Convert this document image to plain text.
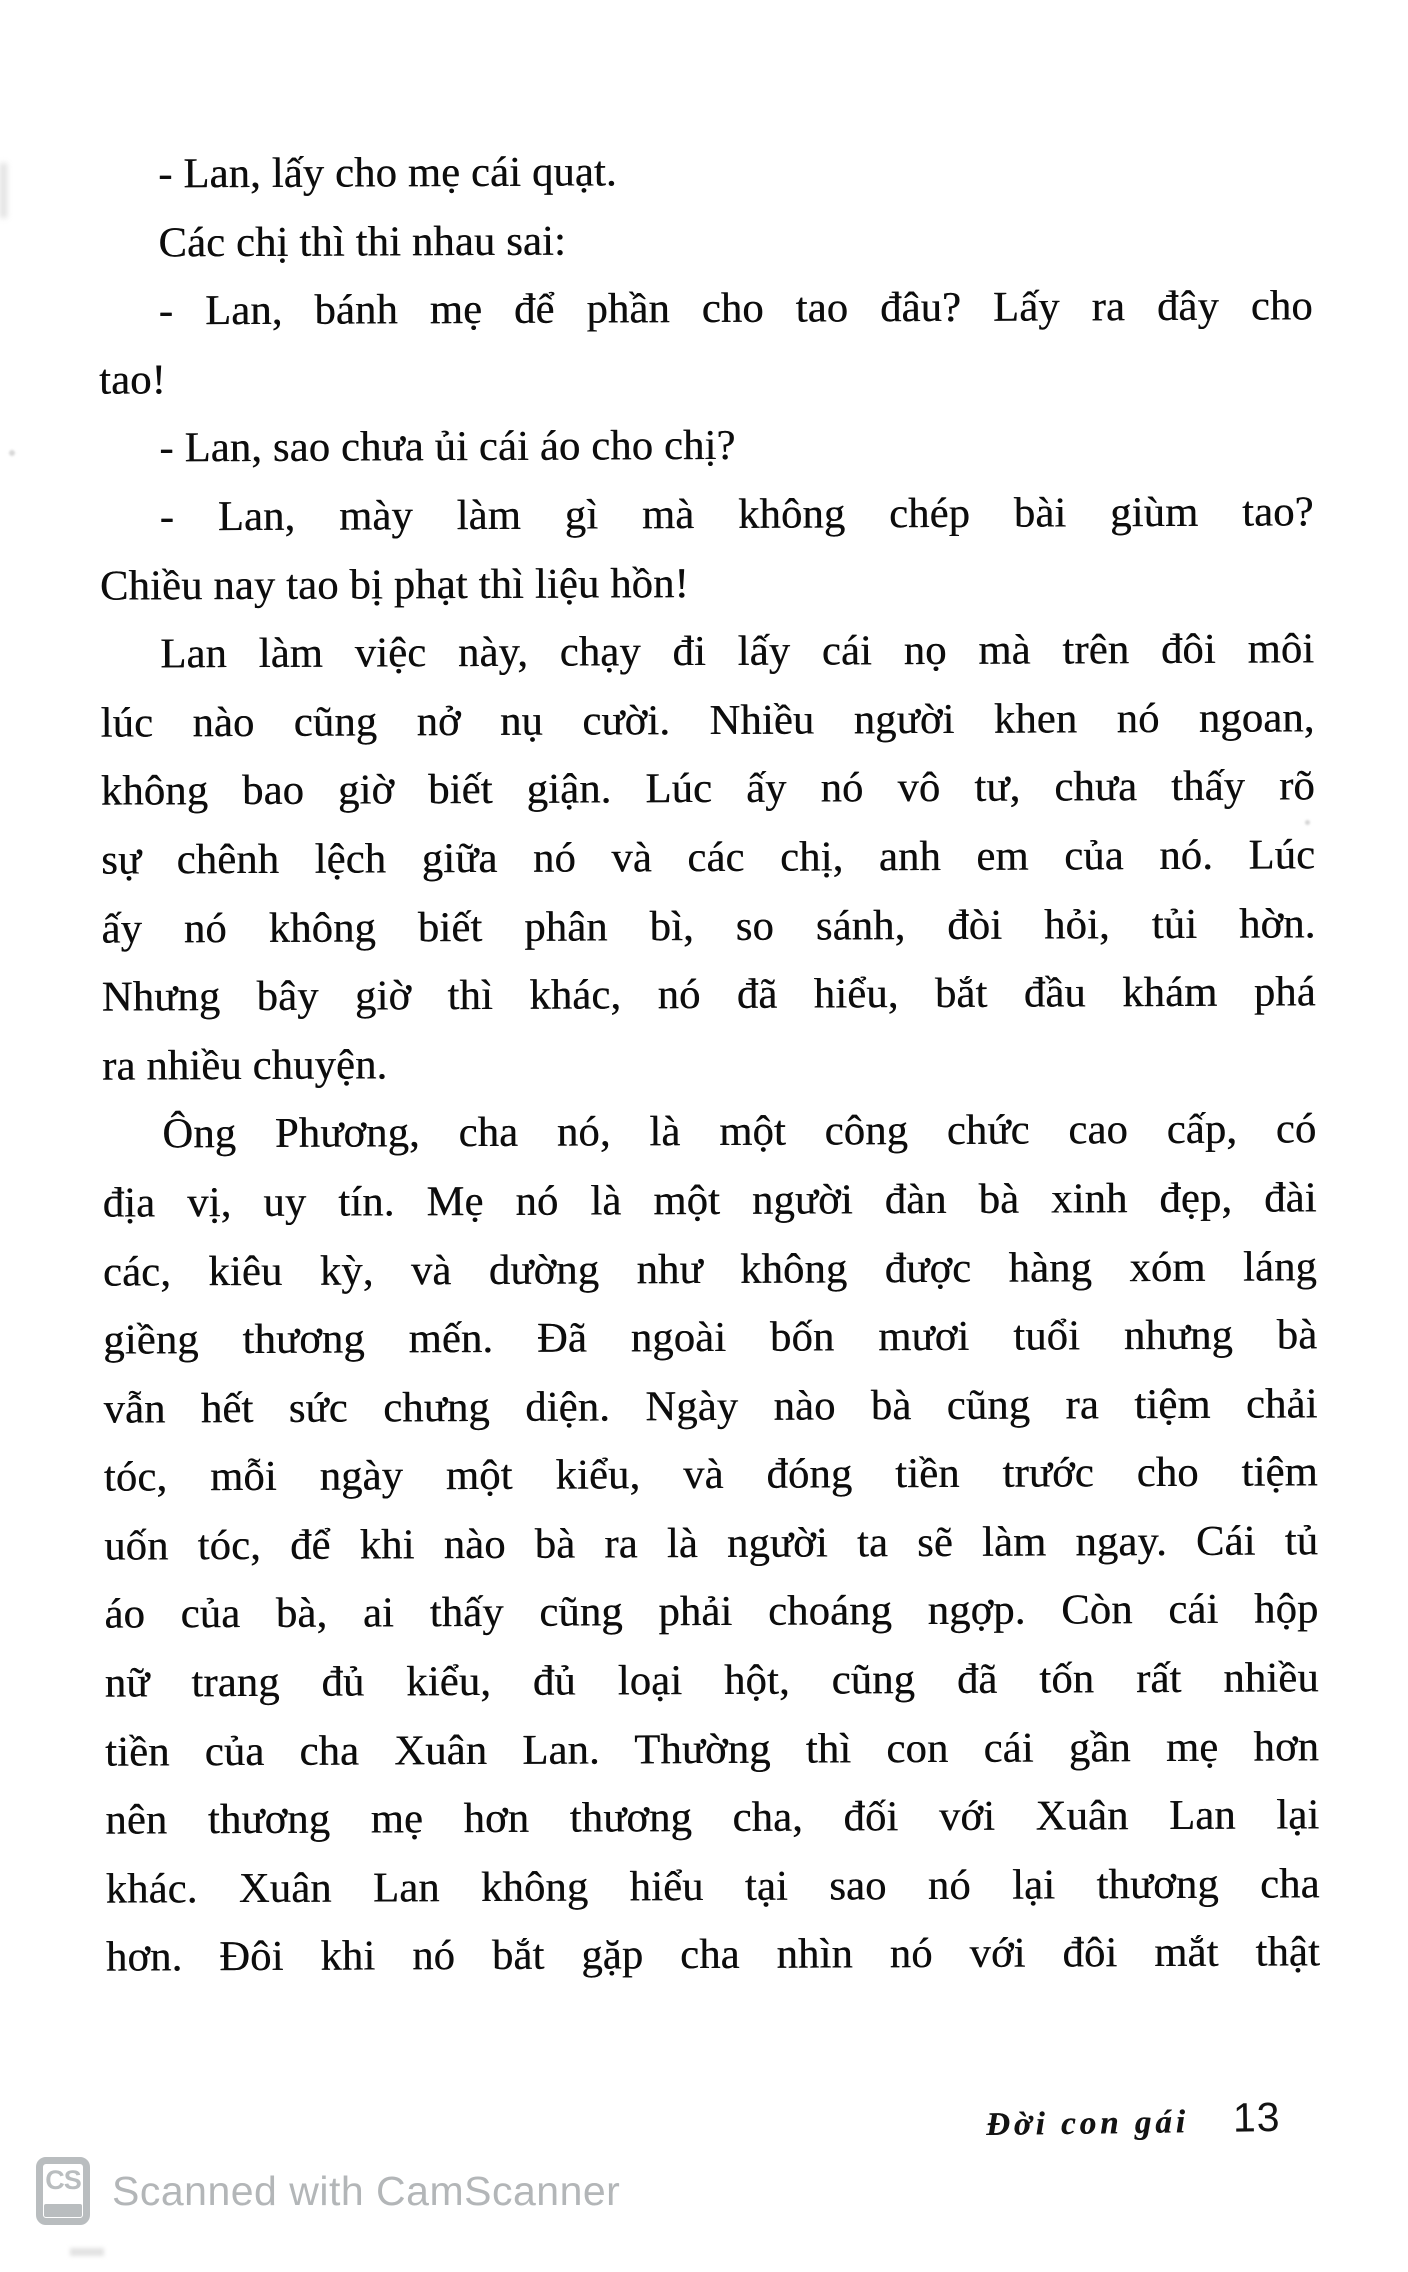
- Lan, lấy cho mẹ cái quạt.
Các chị thì thi nhau sai:
- Lan, bánh mẹ để phần cho tao đâu? Lấy ra đây cho
tao!
- Lan, sao chưa ủi cái áo cho chị?
- Lan, mày làm gì mà không chép bài giùm tao?
Chiều nay tao bị phạt thì liệu hồn!
Lan làm việc này, chạy đi lấy cái nọ mà trên đôi môi
lúc nào cũng nở nụ cười. Nhiều người khen nó ngoan,
không bao giờ biết giận. Lúc ấy nó vô tư, chưa thấy rõ
sự chênh lệch giữa nó và các chị, anh em của nó. Lúc
ấy nó không biết phân bì, so sánh, đòi hỏi, tủi hờn.
Nhưng bây giờ thì khác, nó đã hiểu, bắt đầu khám phá
ra nhiều chuyện.
Ông Phương, cha nó, là một công chức cao cấp, có
địa vị, uy tín. Mẹ nó là một người đàn bà xinh đẹp, đài
các, kiêu kỳ, và dường như không được hàng xóm láng
giềng thương mến. Đã ngoài bốn mươi tuổi nhưng bà
vẫn hết sức chưng diện. Ngày nào bà cũng ra tiệm chải
tóc, mỗi ngày một kiểu, và đóng tiền trước cho tiệm
uốn tóc, để khi nào bà ra là người ta sẽ làm ngay. Cái tủ
áo của bà, ai thấy cũng phải choáng ngợp. Còn cái hộp
nữ trang đủ kiểu, đủ loại hột, cũng đã tốn rất nhiều
tiền của cha Xuân Lan. Thường thì con cái gần mẹ hơn
nên thương mẹ hơn thương cha, đối với Xuân Lan lại
khác. Xuân Lan không hiểu tại sao nó lại thương cha
hơn. Đôi khi nó bắt gặp cha nhìn nó với đôi mắt thật
Đời con gái 13
CS Scanned with CamScanner
